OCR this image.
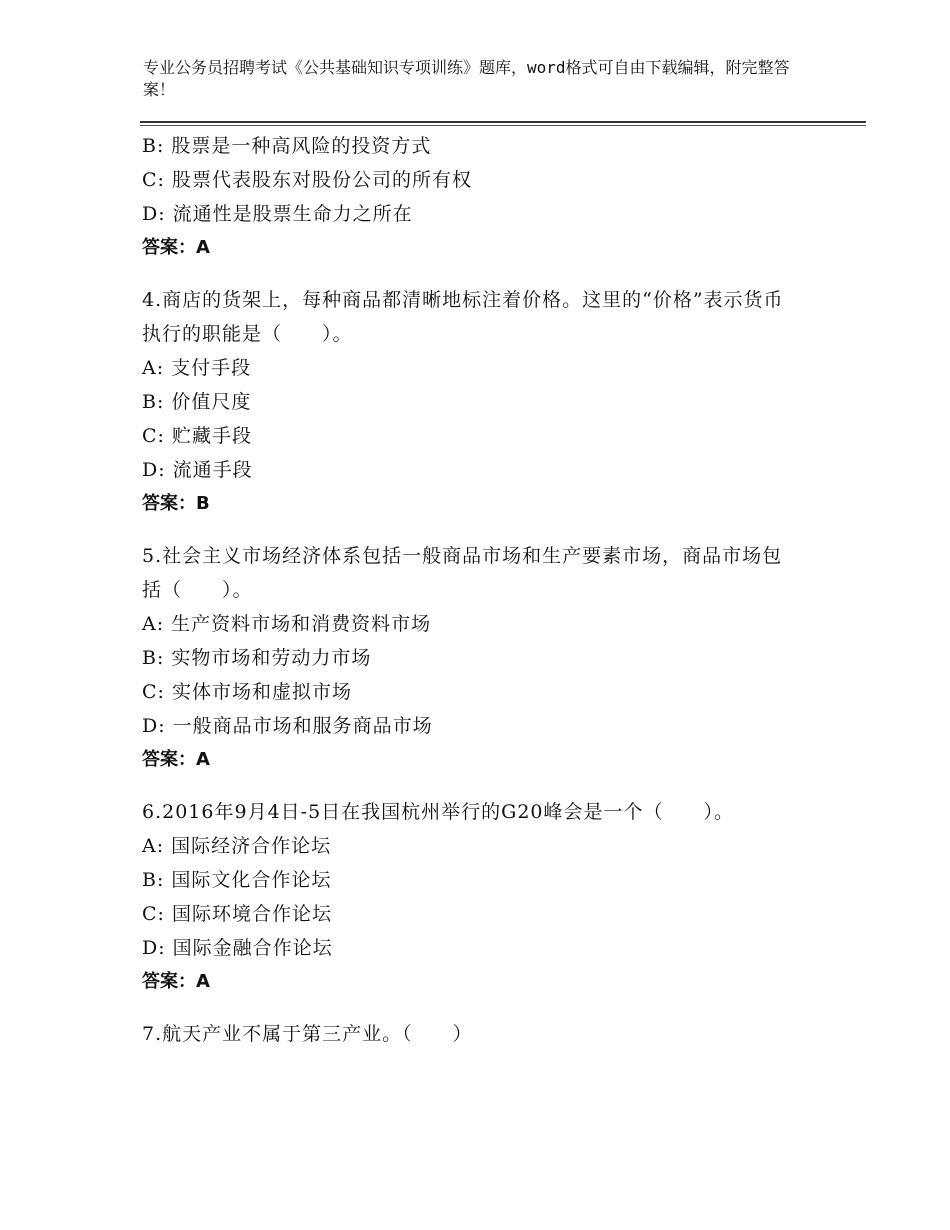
专业公务员招聘考试《公共基础知识专项训练》题库，word格式可自由下载编辑，附完整答案！
B: 股票是一种高风险的投资方式
C: 股票代表股东对股份公司的所有权
D: 流通性是股票生命力之所在
答案：A
4.商店的货架上，每种商品都清晰地标注着价格。这里的“价格”表示货币执行的职能是（　　）。
A: 支付手段
B: 价值尺度
C: 贮藏手段
D: 流通手段
答案：B
5.社会主义市场经济体系包括一般商品市场和生产要素市场，商品市场包括（　　）。
A: 生产资料市场和消费资料市场
B: 实物市场和劳动力市场
C: 实体市场和虚拟市场
D: 一般商品市场和服务商品市场
答案：A
6.2016年9月4日-5日在我国杭州举行的G20峰会是一个（　　）。
A: 国际经济合作论坛
B: 国际文化合作论坛
C: 国际环境合作论坛
D: 国际金融合作论坛
答案：A
7.航天产业不属于第三产业。（　　）
